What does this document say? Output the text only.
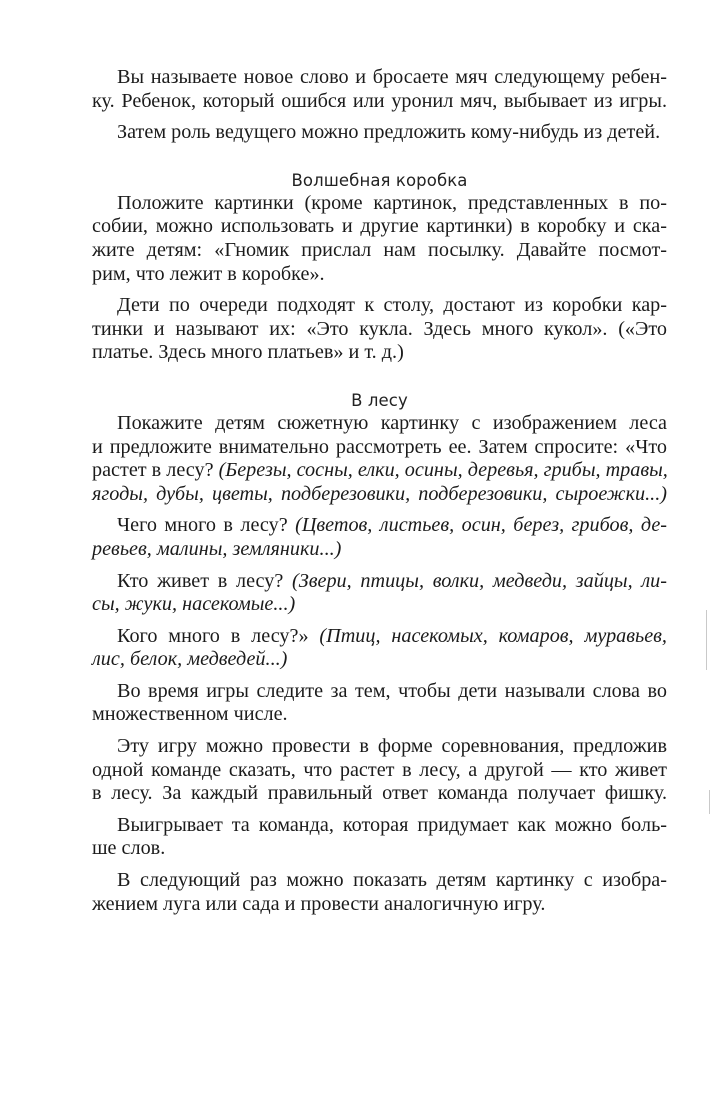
Вы называете новое слово и бросаете мяч следующему ребен-
ку. Ребенок, который ошибся или уронил мяч, выбывает из игры.
Затем роль ведущего можно предложить кому-нибудь из детей.
Волшебная коробка
Положите картинки (кроме картинок, представленных в по-
собии, можно использовать и другие картинки) в коробку и ска-
жите детям: «Гномик прислал нам посылку. Давайте посмот-
рим, что лежит в коробке».
Дети по очереди подходят к столу, достают из коробки кар-
тинки и называют их: «Это кукла. Здесь много кукол». («Это
платье. Здесь много платьев» и т. д.)
В лесу
Покажите детям сюжетную картинку с изображением леса
и предложите внимательно рассмотреть ее. Затем спросите: «Что
растет в лесу? (Березы, сосны, елки, осины, деревья, грибы, травы,
ягоды, дубы, цветы, подберезовики, подберезовики, сыроежки...)
Чего много в лесу? (Цветов, листьев, осин, берез, грибов, де-
ревьев, малины, земляники...)
Кто живет в лесу? (Звери, птицы, волки, медведи, зайцы, ли-
сы, жуки, насекомые...)
Кого много в лесу?» (Птиц, насекомых, комаров, муравьев,
лис, белок, медведей...)
Во время игры следите за тем, чтобы дети называли слова во
множественном числе.
Эту игру можно провести в форме соревнования, предложив
одной команде сказать, что растет в лесу, а другой — кто живет
в лесу. За каждый правильный ответ команда получает фишку.
Выигрывает та команда, которая придумает как можно боль-
ше слов.
В следующий раз можно показать детям картинку с изобра-
жением луга или сада и провести аналогичную игру.
